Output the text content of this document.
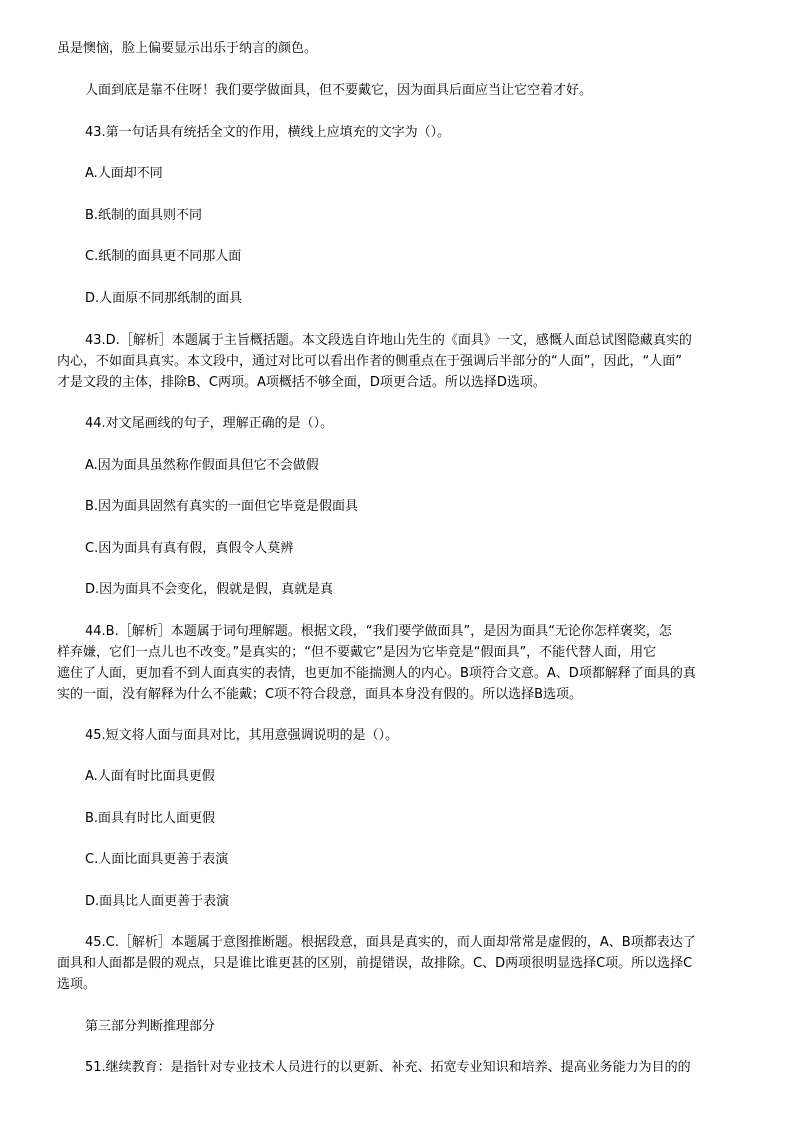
虽是懊恼，脸上偏要显示出乐于纳言的颜色。

人面到底是靠不住呀！我们要学做面具，但不要戴它，因为面具后面应当让它空着才好。

43.第一句话具有统括全文的作用，横线上应填充的文字为（）。

A.人面却不同

B.纸制的面具则不同

C.纸制的面具更不同那人面

D.人面原不同那纸制的面具

43.D.［解析］本题属于主旨概括题。本文段选自许地山先生的《面具》一文，感慨人面总试图隐藏真实的
内心，不如面具真实。本文段中，通过对比可以看出作者的侧重点在于强调后半部分的“人面”，因此，“人面”
才是文段的主体，排除B、C两项。A项概括不够全面，D项更合适。所以选择D选项。

44.对文尾画线的句子，理解正确的是（）。

A.因为面具虽然称作假面具但它不会做假

B.因为面具固然有真实的一面但它毕竟是假面具

C.因为面具有真有假，真假令人莫辨

D.因为面具不会变化，假就是假，真就是真

44.B.［解析］本题属于词句理解题。根据文段，“我们要学做面具”，是因为面具“无论你怎样褒奖，怎
样弃嫌，它们一点儿也不改变。”是真实的；“但不要戴它”是因为它毕竟是“假面具”，不能代替人面，用它
遮住了人面，更加看不到人面真实的表情，也更加不能揣测人的内心。B项符合文意。A、D项都解释了面具的真
实的一面，没有解释为什么不能戴；C项不符合段意，面具本身没有假的。所以选择B选项。

45.短文将人面与面具对比，其用意强调说明的是（）。

A.人面有时比面具更假

B.面具有时比人面更假

C.人面比面具更善于表演

D.面具比人面更善于表演

45.C.［解析］本题属于意图推断题。根据段意，面具是真实的，而人面却常常是虚假的，A、B项都表达了
面具和人面都是假的观点，只是谁比谁更甚的区别，前提错误，故排除。C、D两项很明显选择C项。所以选择C
选项。

第三部分判断推理部分

51.继续教育：是指针对专业技术人员进行的以更新、补充、拓宽专业知识和培养、提高业务能力为目的的
